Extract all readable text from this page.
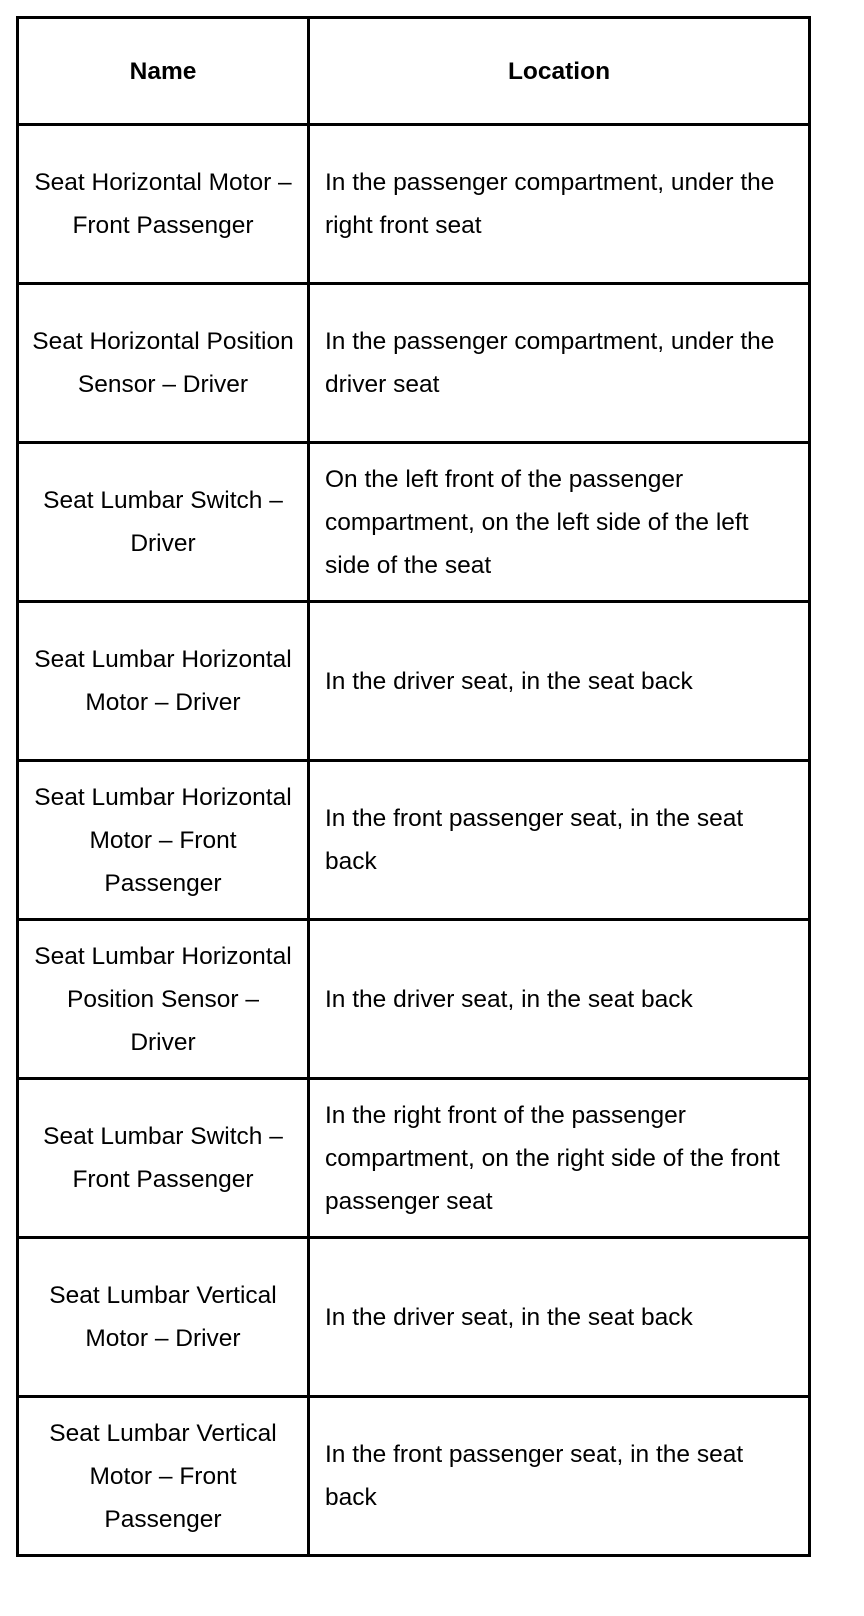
Name	Location
Seat Horizontal Motor – Front Passenger	In the passenger compartment, under the right front seat
Seat Horizontal Position Sensor – Driver	In the passenger compartment, under the driver seat
Seat Lumbar Switch – Driver	On the left front of the passenger compartment, on the left side of the left side of the seat
Seat Lumbar Horizontal Motor – Driver	In the driver seat, in the seat back
Seat Lumbar Horizontal Motor – Front Passenger	In the front passenger seat, in the seat back
Seat Lumbar Horizontal Position Sensor – Driver	In the driver seat, in the seat back
Seat Lumbar Switch – Front Passenger	In the right front of the passenger compartment, on the right side of the front passenger seat
Seat Lumbar Vertical Motor – Driver	In the driver seat, in the seat back
Seat Lumbar Vertical Motor – Front Passenger	In the front passenger seat, in the seat back
